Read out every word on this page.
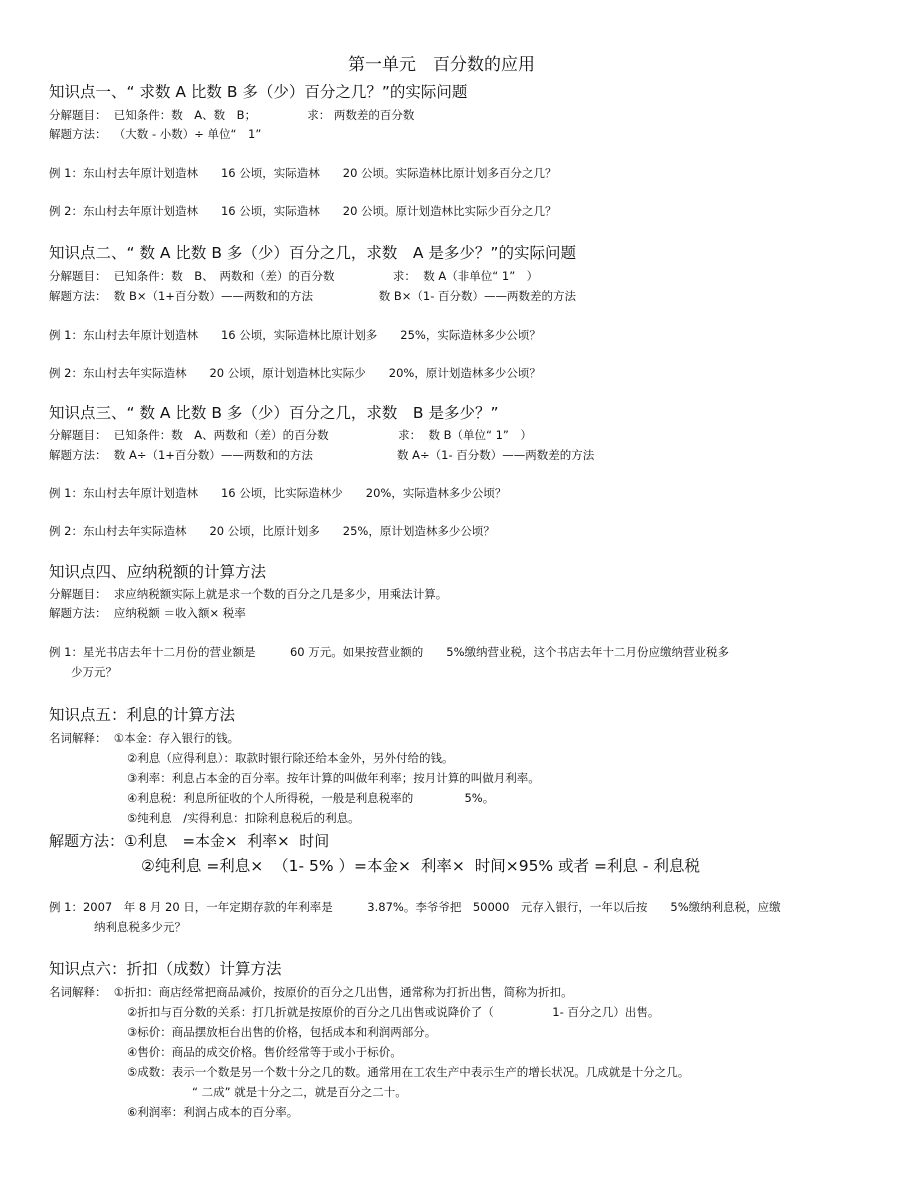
第一单元　百分数的应用
知识点一、“ 求数 A 比数 B 多（少）百分之几？”的实际问题
分解题目：  已知条件：数　A、数　B；              求： 两数差的百分数
解题方法：  （大数 - 小数）÷ 单位“　1”
例 1：东山村去年原计划造林　　16 公顷，实际造林　　20 公顷。实际造林比原计划多百分之几？
例 2：东山村去年原计划造林　　16 公顷，实际造林　　20 公顷。原计划造林比实际少百分之几？
知识点二、“ 数 A 比数 B 多（少）百分之几，求数　A 是多少？”的实际问题
分解题目：  已知条件：数　B、　两数和（差）的百分数                求：  数 A（非单位“ 1”　）
解题方法：  数 B×（1+百分数）——两数和的方法                  数 B×（1- 百分数）——两数差的方法
例 1：东山村去年原计划造林　　16 公顷，实际造林比原计划多　　25%，实际造林多少公顷？
例 2：东山村去年实际造林　　20 公顷，原计划造林比实际少　　20%，原计划造林多少公顷？
知识点三、“ 数 A 比数 B 多（少）百分之几，求数　B 是多少？”
分解题目：  已知条件：数　A、两数和（差）的百分数                   求：  数 B（单位“ 1”　）
解题方法：  数 A÷（1+百分数）——两数和的方法                       数 A÷（1- 百分数）——两数差的方法
例 1：东山村去年原计划造林　　16 公顷，比实际造林少　　20%，实际造林多少公顷？
例 2：东山村去年实际造林　　20 公顷，比原计划多　　25%，原计划造林多少公顷？
知识点四、应纳税额的计算方法
分解题目：  求应纳税额实际上就是求一个数的百分之几是多少，用乘法计算。
解题方法：  应纳税额 ＝收入额× 税率
例 1：星光书店去年十二月份的营业额是　　　60 万元。如果按营业额的　　5%缴纳营业税，这个书店去年十二月份应缴纳营业税多
少万元？
知识点五：利息的计算方法
名词解释：  ①本金：存入银行的钱。
②利息（应得利息）：取款时银行除还给本金外，另外付给的钱。
③利率：利息占本金的百分率。按年计算的叫做年利率；按月计算的叫做月利率。
④利息税：利息所征收的个人所得税，一般是利息税率的              5%。
⑤纯利息　/实得利息：扣除利息税后的利息。
解题方法：①利息　=本金×  利率×  时间
②纯利息 =利息×  （1- 5% ）=本金×  利率×  时间×95% 或者 =利息 - 利息税
例 1：2007　年 8 月 20 日，一年定期存款的年利率是　　　3.87%。李爷爷把　50000　元存入银行，一年以后按　　5%缴纳利息税，应缴
纳利息税多少元？
知识点六：折扣（成数）计算方法
名词解释：  ①折扣：商店经常把商品减价，按原价的百分之几出售，通常称为打折出售，简称为折扣。
②折扣与百分数的关系：打几折就是按原价的百分之几出售或说降价了（                1- 百分之几）出售。
③标价：商品摆放柜台出售的价格，包括成本和利润两部分。
④售价：商品的成交价格。售价经常等于或小于标价。
⑤成数：表示一个数是另一个数十分之几的数。通常用在工农生产中表示生产的增长状况。几成就是十分之几。
“ 二成” 就是十分之二，就是百分之二十。
⑥利润率：利润占成本的百分率。
